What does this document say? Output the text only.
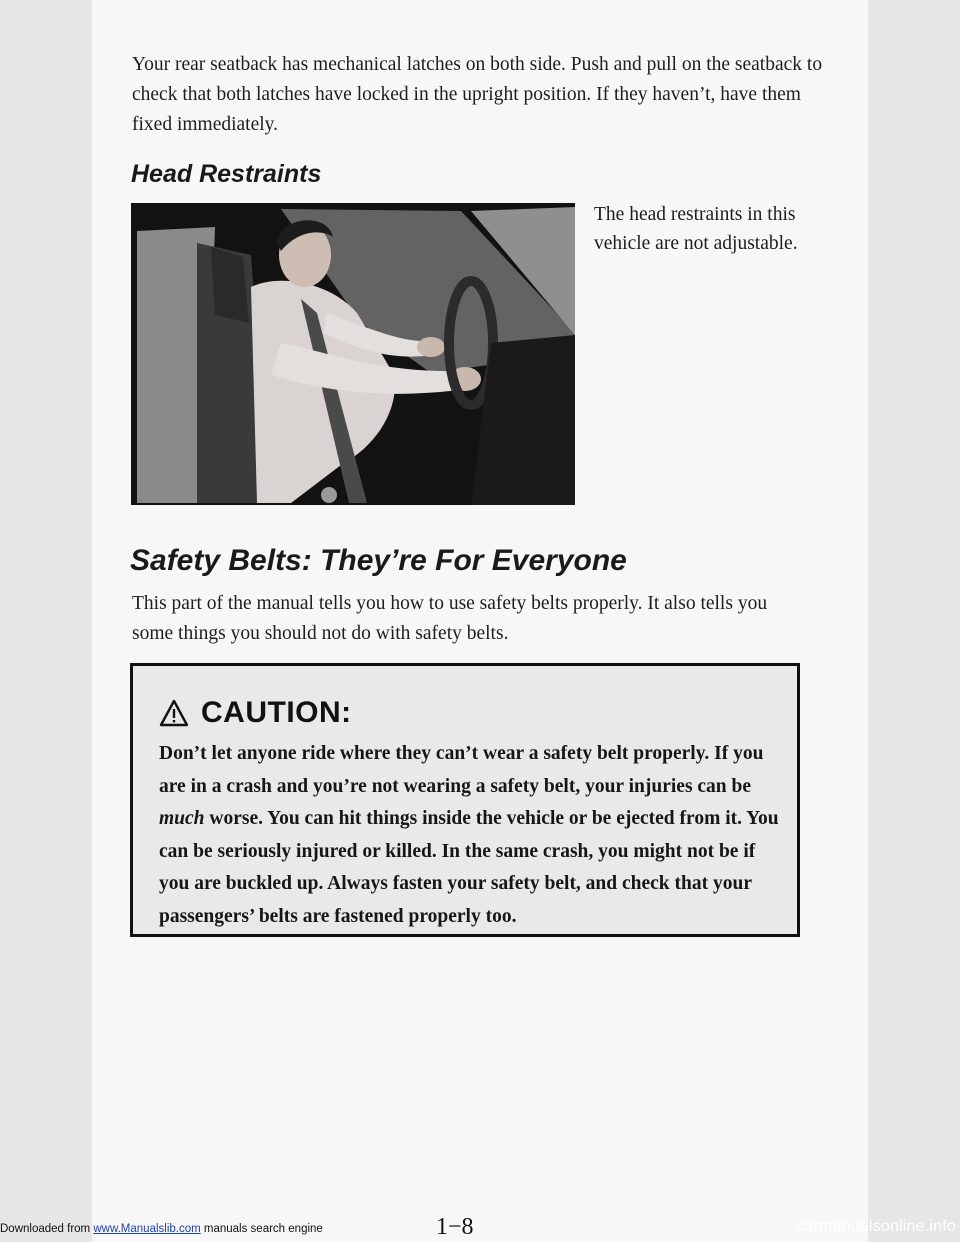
Your rear seatback has mechanical latches on both side. Push and pull on the seatback to check that both latches have locked in the upright position. If they haven’t, have them fixed immediately.

Head Restraints

The head restraints in this vehicle are not adjustable.

Safety Belts: They’re For Everyone

This part of the manual tells you how to use safety belts properly. It also tells you some things you should not do with safety belts.

CAUTION:

Don’t let anyone ride where they can’t wear a safety belt properly. If you are in a crash and you’re not wearing a safety belt, your injuries can be much worse. You can hit things inside the vehicle or be ejected from it. You can be seriously injured or killed. In the same crash, you might not be if you are buckled up. Always fasten your safety belt, and check that your passengers’ belts are fastened properly too.

Downloaded from www.Manualslib.com manuals search engine	1−8	carmanualsonline.info
